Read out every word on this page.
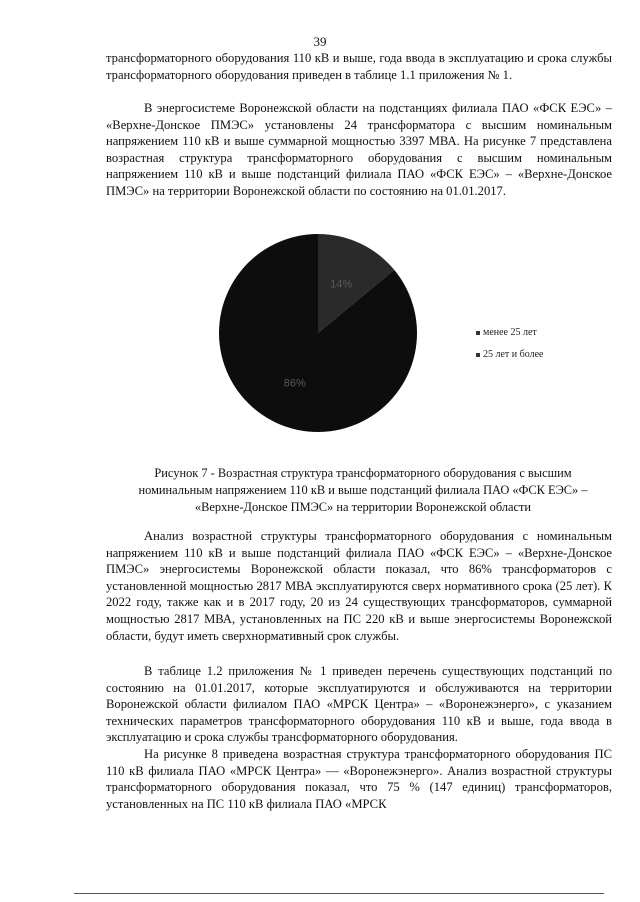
39

трансформаторного оборудования 110 кВ и выше, года ввода в эксплуатацию и срока службы трансформаторного оборудования приведен в таблице 1.1 приложения № 1.

В энергосистеме Воронежской области на подстанциях филиала ПАО «ФСК ЕЭС» – «Верхне-Донское ПМЭС» установлены 24 трансформатора с высшим номинальным напряжением 110 кВ и выше суммарной мощностью 3397 МВА. На рисунке 7 представлена возрастная структура трансформаторного оборудования с высшим номинальным напряжением 110 кВ и выше подстанций филиала ПАО «ФСК ЕЭС» – «Верхне-Донское ПМЭС» на территории Воронежской области по состоянию на 01.01.2017.

14%
86%
менее 25 лет
25 лет и более
Рисунок 7 - Возрастная структура трансформаторного оборудования с высшим
номинальным напряжением 110 кВ и выше подстанций филиала ПАО «ФСК ЕЭС» –
«Верхне-Донское ПМЭС» на территории Воронежской области

Анализ возрастной структуры трансформаторного оборудования с номинальным напряжением 110 кВ и выше подстанций филиала ПАО «ФСК ЕЭС» – «Верхне-Донское ПМЭС» энергосистемы Воронежской области показал, что 86% трансформаторов с установленной мощностью 2817 МВА эксплуатируются сверх нормативного срока (25 лет). К 2022 году, также как и в 2017 году, 20 из 24 существующих трансформаторов, суммарной мощностью 2817 МВА, установленных на ПС 220 кВ и выше энергосистемы Воронежской области, будут иметь сверхнормативный срок службы.

В таблице 1.2 приложения № 1 приведен перечень существующих подстанций по состоянию на 01.01.2017, которые эксплуатируются и обслуживаются на территории Воронежской области филиалом ПАО «МРСК Центра» – «Воронежэнерго», с указанием технических параметров трансформаторного оборудования 110 кВ и выше, года ввода в эксплуатацию и срока службы трансформаторного оборудования.

На рисунке 8 приведена возрастная структура трансформаторного оборудования ПС 110 кВ филиала ПАО «МРСК Центра» — «Воронежэнерго». Анализ возрастной структуры трансформаторного оборудования показал, что 75 % (147 единиц) трансформаторов, установленных на ПС 110 кВ филиала ПАО «МРСК
